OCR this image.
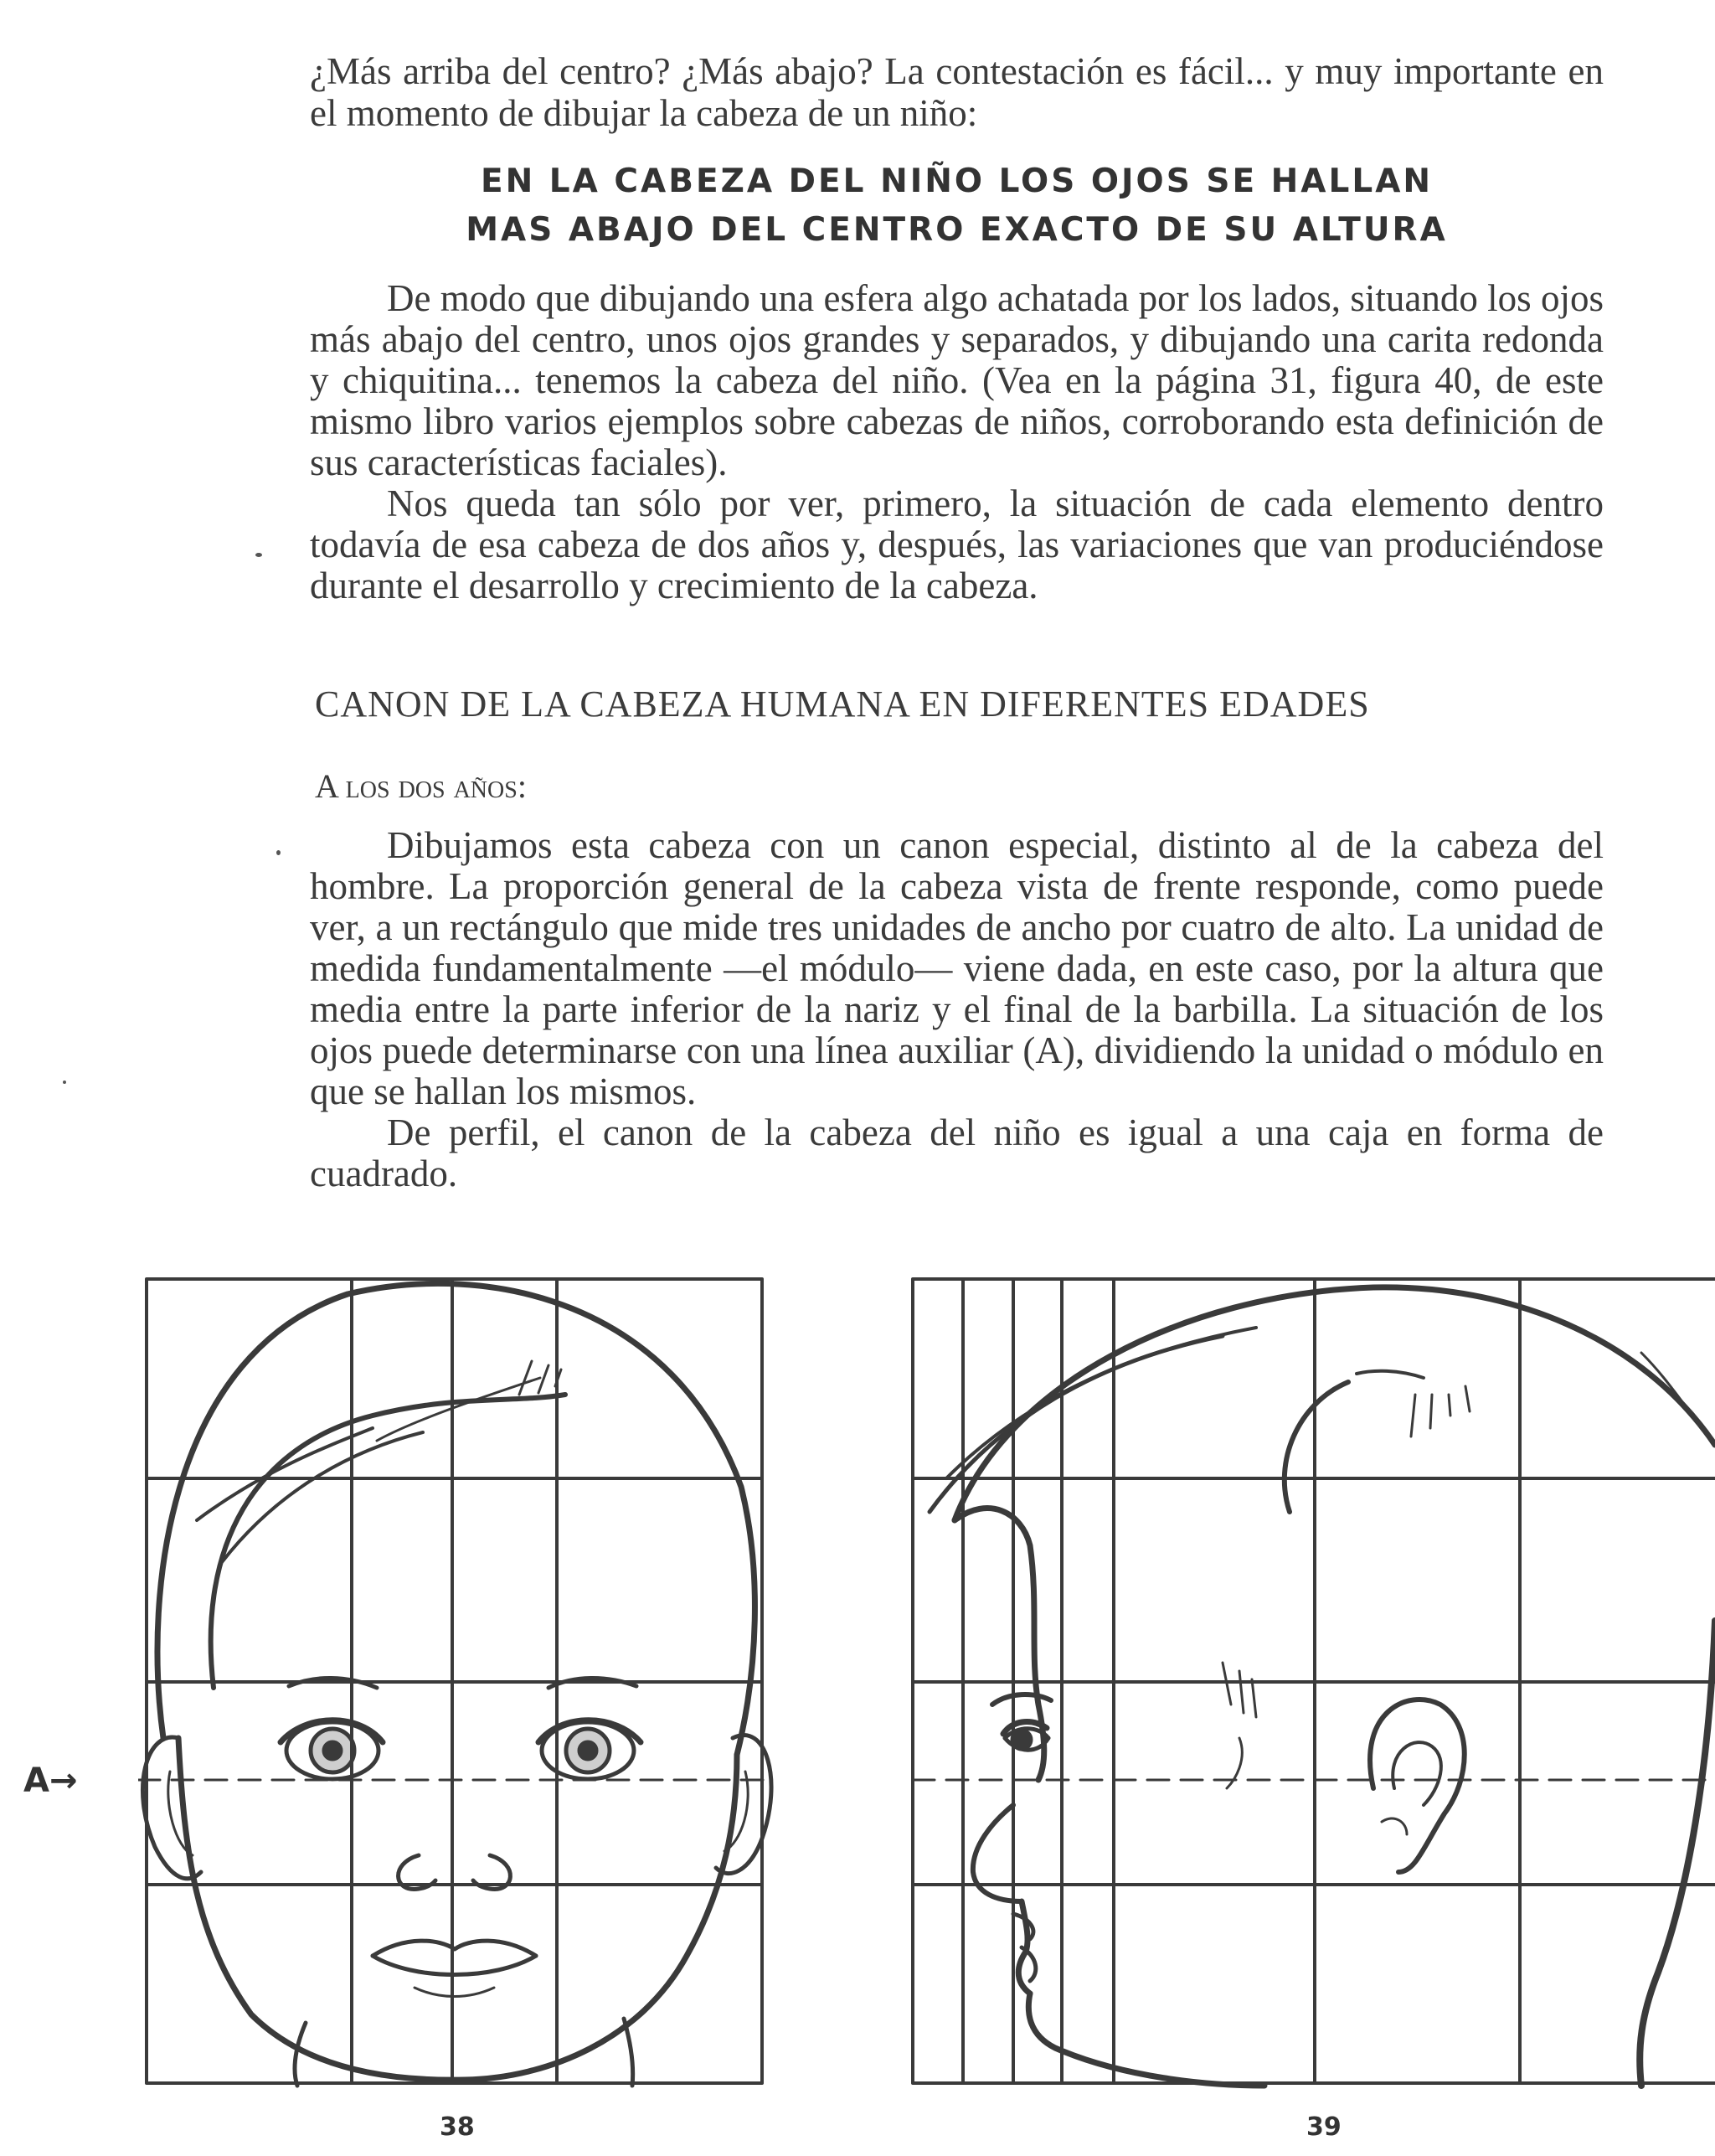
¿Más arriba del centro? ¿Más abajo? La contestación es fácil... y muy importante en el momento de dibujar la cabeza de un niño:

EN LA CABEZA DEL NIÑO LOS OJOS SE HALLAN
MAS ABAJO DEL CENTRO EXACTO DE SU ALTURA

De modo que dibujando una esfera algo achatada por los lados, situando los ojos más abajo del centro, unos ojos grandes y separados, y dibujando una carita redonda y chiquitina... tenemos la cabeza del niño. (Vea en la página 31, figura 40, de este mismo libro varios ejemplos sobre cabezas de niños, corroborando esta definición de sus características faciales).

Nos queda tan sólo por ver, primero, la situación de cada elemento dentro todavía de esa cabeza de dos años y, después, las variaciones que van produciéndose durante el desarrollo y crecimiento de la cabeza.

CANON DE LA CABEZA HUMANA EN DIFERENTES EDADES
A los dos años:

Dibujamos esta cabeza con un canon especial, distinto al de la cabeza del hombre. La proporción general de la cabeza vista de frente responde, como puede ver, a un rectángulo que mide tres unidades de ancho por cuatro de alto. La unidad de medida fundamentalmente —el módulo— viene dada, en este caso, por la altura que media entre la parte inferior de la nariz y el final de la barbilla. La situación de los ojos puede determinarse con una línea auxiliar (A), dividiendo la unidad o módulo en que se hallan los mismos.

De perfil, el canon de la cabeza del niño es igual a una caja en forma de cuadrado.

A→
38	39
